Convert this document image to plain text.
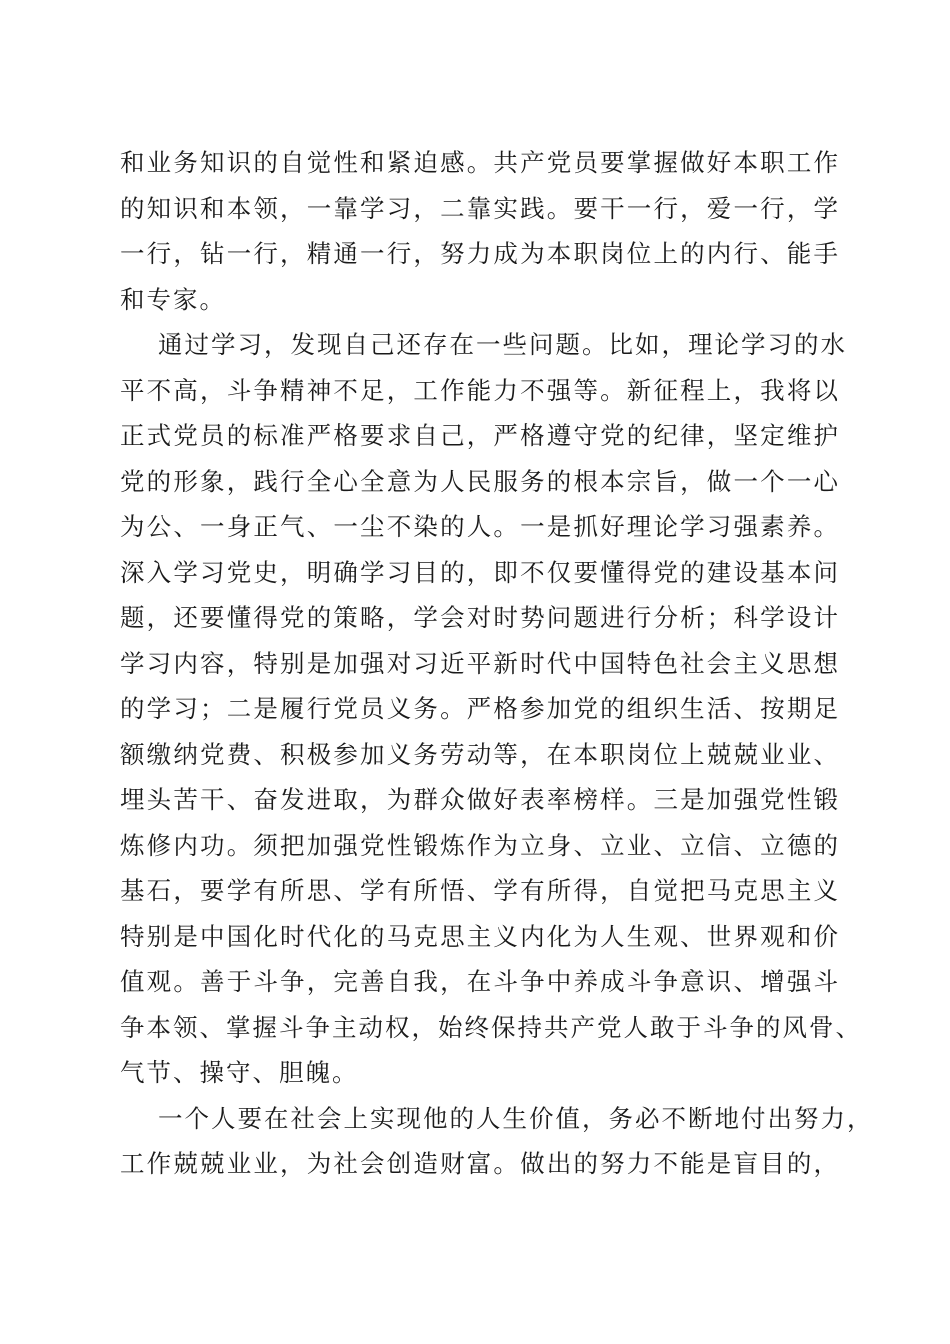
和业务知识的自觉性和紧迫感。共产党员要掌握做好本职工作
的知识和本领，一靠学习，二靠实践。要干一行，爱一行，学
一行，钻一行，精通一行，努力成为本职岗位上的内行、能手
和专家。
通过学习，发现自己还存在一些问题。比如，理论学习的水
平不高，斗争精神不足，工作能力不强等。新征程上，我将以
正式党员的标准严格要求自己，严格遵守党的纪律，坚定维护
党的形象，践行全心全意为人民服务的根本宗旨，做一个一心
为公、一身正气、一尘不染的人。一是抓好理论学习强素养。
深入学习党史，明确学习目的，即不仅要懂得党的建设基本问
题，还要懂得党的策略，学会对时势问题进行分析；科学设计
学习内容，特别是加强对习近平新时代中国特色社会主义思想
的学习；二是履行党员义务。严格参加党的组织生活、按期足
额缴纳党费、积极参加义务劳动等，在本职岗位上兢兢业业、
埋头苦干、奋发进取，为群众做好表率榜样。三是加强党性锻
炼修内功。须把加强党性锻炼作为立身、立业、立信、立德的
基石，要学有所思、学有所悟、学有所得，自觉把马克思主义
特别是中国化时代化的马克思主义内化为人生观、世界观和价
值观。善于斗争，完善自我，在斗争中养成斗争意识、增强斗
争本领、掌握斗争主动权，始终保持共产党人敢于斗争的风骨、
气节、操守、胆魄。
一个人要在社会上实现他的人生价值，务必不断地付出努力，
工作兢兢业业，为社会创造财富。做出的努力不能是盲目的，
